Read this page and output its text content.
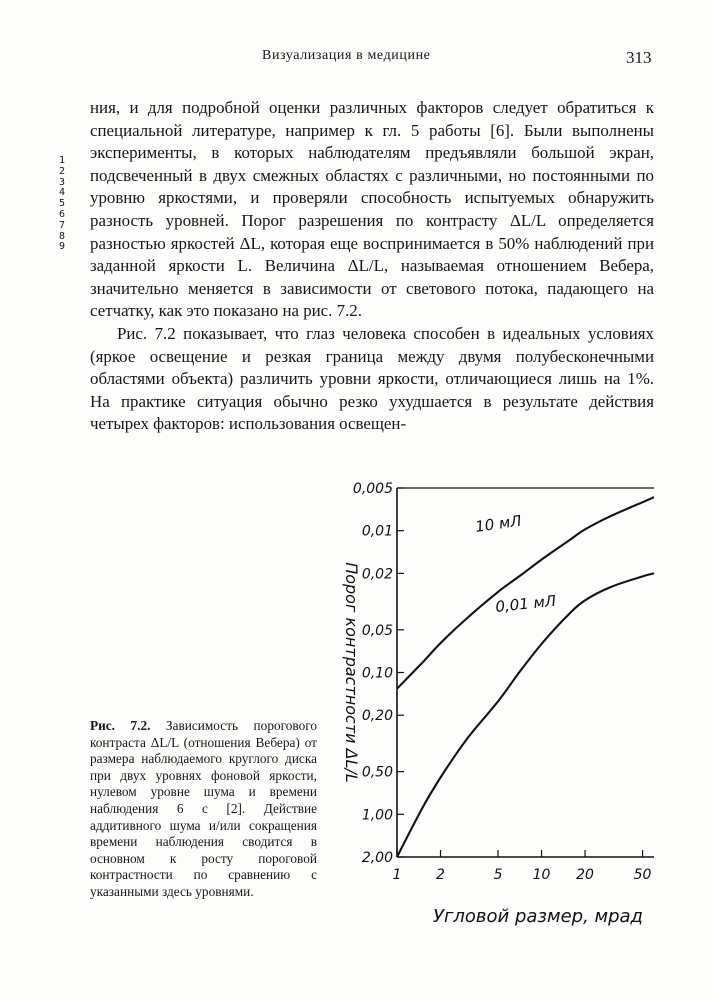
Визуализация в медицине	313
1
2
3
4
5
6
7
8
9

ния, и для подробной оценки различных факторов следует обратиться к специальной литературе, например к гл. 5 работы [6]. Были выполнены эксперименты, в которых наблюдателям предъявляли большой экран, подсвеченный в двух смежных областях с различными, но постоянными по уровню яркостями, и проверяли способность испытуемых обнаружить разность уровней. Порог разрешения по контрасту ΔL/L определяется разностью яркостей ΔL, которая еще воспринимается в 50% наблюдений при заданной яркости L. Величина ΔL/L, называемая отношением Вебера, значительно меняется в зависимости от светового потока, падающего на сетчатку, как это показано на рис. 7.2.

Рис. 7.2 показывает, что глаз человека способен в идеальных условиях (яркое освещение и резкая граница между двумя полубесконечными областями объекта) различить уровни яркости, отличающиеся лишь на 1%. На практике ситуация обычно резко ухудшается в результате действия четырех факторов: использования освещен-

0,005
0,01
0,02
0,05
0,10
0,20
0,50
1,00
2,00
1 2	5 10 20	50
10 мЛ
0,01 мЛ
Порог контрастности ΔL/L
Угловой размер, мрад
Рис. 7.2. Зависимость порогового контраста ΔL/L (отношения Вебера) от размера наблюдаемого круглого диска при двух уровнях фоновой яркости, нулевом уровне шума и времени наблюдения 6 с [2]. Действие аддитивного шума и/или сокращения времени наблюдения сводится в основном к росту пороговой контрастности по сравнению с указанными здесь уровнями.
